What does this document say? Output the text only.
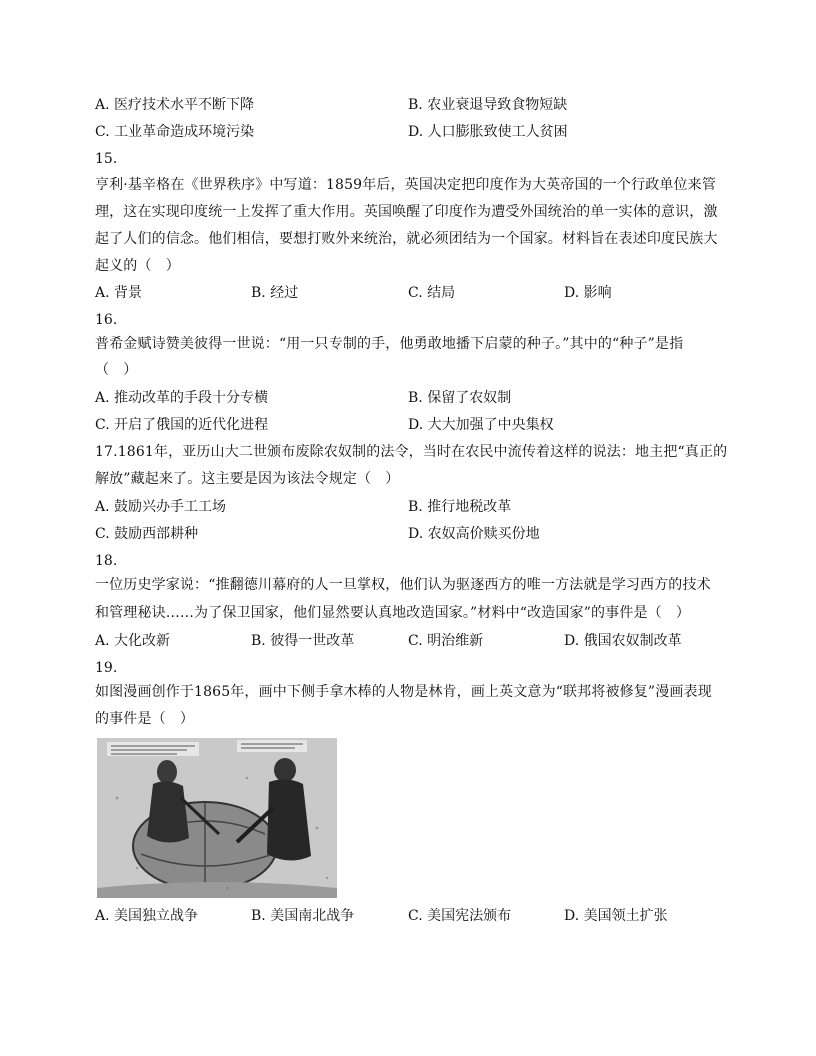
A. 医疗技术水平不断下降	B. 农业衰退导致食物短缺
C. 工业革命造成环境污染	D. 人口膨胀致使工人贫困
15.
亨利·基辛格在《世界秩序》中写道：1859年后，英国决定把印度作为大英帝国的一个行政单位来管
理，这在实现印度统一上发挥了重大作用。英国唤醒了印度作为遭受外国统治的单一实体的意识，激
起了人们的信念。他们相信，要想打败外来统治，就必须团结为一个国家。材料旨在表述印度民族大
起义的（　）
A. 背景	B. 经过	C. 结局	D. 影响
16.
普希金赋诗赞美彼得一世说：“用一只专制的手，他勇敢地播下启蒙的种子。”其中的“种子”是指
（　）
A. 推动改革的手段十分专横	B. 保留了农奴制
C. 开启了俄国的近代化进程	D. 大大加强了中央集权
17.1861年，亚历山大二世颁布废除农奴制的法令，当时在农民中流传着这样的说法：地主把“真正的
解放”藏起来了。这主要是因为该法令规定（　）
A. 鼓励兴办手工工场	B. 推行地税改革
C. 鼓励西部耕种	D. 农奴高价赎买份地
18.
一位历史学家说：“推翻德川幕府的人一旦掌权，他们认为驱逐西方的唯一方法就是学习西方的技术
和管理秘诀……为了保卫国家，他们显然要认真地改造国家。”材料中“改造国家”的事件是（　）
A. 大化改新	B. 彼得一世改革	C. 明治维新	D. 俄国农奴制改革
19.
如图漫画创作于1865年，画中下侧手拿木棒的人物是林肯，画上英文意为“联邦将被修复”漫画表现
的事件是（　）
A. 美国独立战争	B. 美国南北战争	C. 美国宪法颁布	D. 美国领土扩张
